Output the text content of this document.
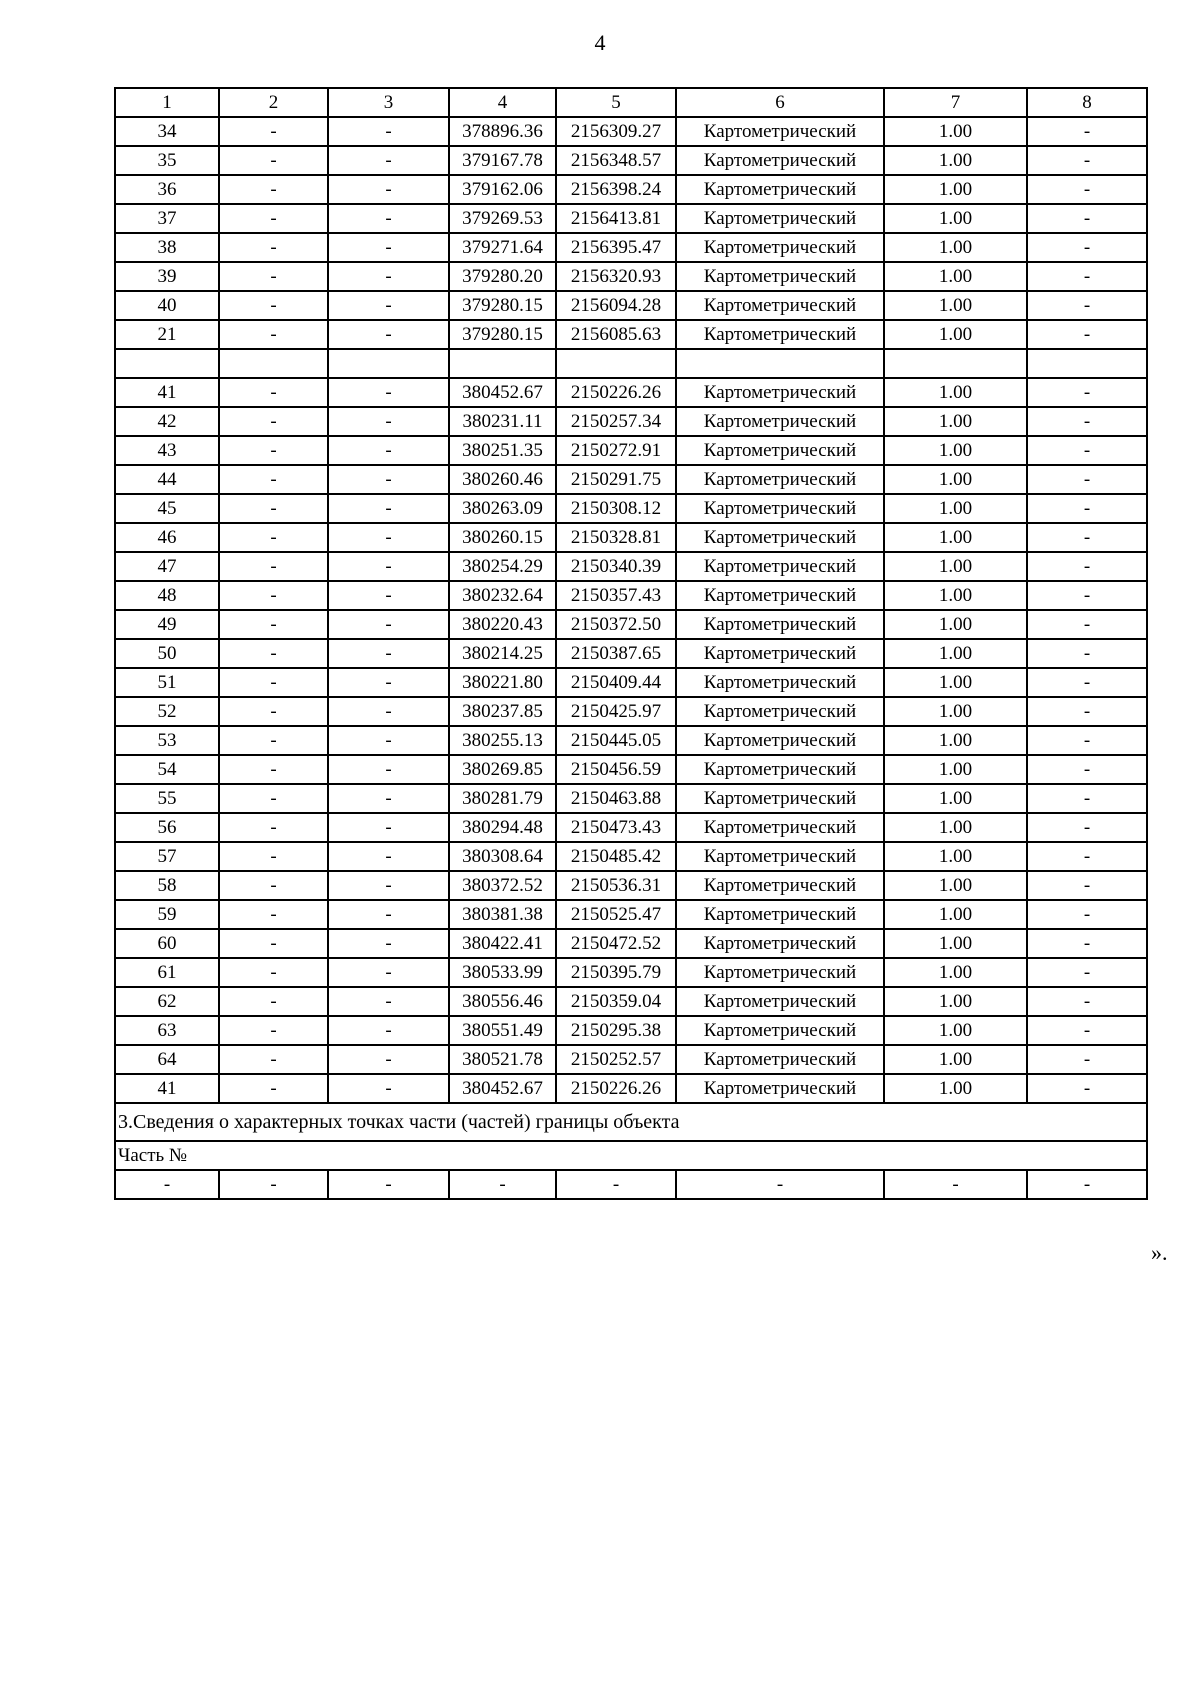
4
1	2	3	4	5	6	7	8
34	-	-	378896.36	2156309.27	Картометрический	1.00	-
35	-	-	379167.78	2156348.57	Картометрический	1.00	-
36	-	-	379162.06	2156398.24	Картометрический	1.00	-
37	-	-	379269.53	2156413.81	Картометрический	1.00	-
38	-	-	379271.64	2156395.47	Картометрический	1.00	-
39	-	-	379280.20	2156320.93	Картометрический	1.00	-
40	-	-	379280.15	2156094.28	Картометрический	1.00	-
21	-	-	379280.15	2156085.63	Картометрический	1.00	-

41	-	-	380452.67	2150226.26	Картометрический	1.00	-
42	-	-	380231.11	2150257.34	Картометрический	1.00	-
43	-	-	380251.35	2150272.91	Картометрический	1.00	-
44	-	-	380260.46	2150291.75	Картометрический	1.00	-
45	-	-	380263.09	2150308.12	Картометрический	1.00	-
46	-	-	380260.15	2150328.81	Картометрический	1.00	-
47	-	-	380254.29	2150340.39	Картометрический	1.00	-
48	-	-	380232.64	2150357.43	Картометрический	1.00	-
49	-	-	380220.43	2150372.50	Картометрический	1.00	-
50	-	-	380214.25	2150387.65	Картометрический	1.00	-
51	-	-	380221.80	2150409.44	Картометрический	1.00	-
52	-	-	380237.85	2150425.97	Картометрический	1.00	-
53	-	-	380255.13	2150445.05	Картометрический	1.00	-
54	-	-	380269.85	2150456.59	Картометрический	1.00	-
55	-	-	380281.79	2150463.88	Картометрический	1.00	-
56	-	-	380294.48	2150473.43	Картометрический	1.00	-
57	-	-	380308.64	2150485.42	Картометрический	1.00	-
58	-	-	380372.52	2150536.31	Картометрический	1.00	-
59	-	-	380381.38	2150525.47	Картометрический	1.00	-
60	-	-	380422.41	2150472.52	Картометрический	1.00	-
61	-	-	380533.99	2150395.79	Картометрический	1.00	-
62	-	-	380556.46	2150359.04	Картометрический	1.00	-
63	-	-	380551.49	2150295.38	Картометрический	1.00	-
64	-	-	380521.78	2150252.57	Картометрический	1.00	-
41	-	-	380452.67	2150226.26	Картометрический	1.00	-
3.Сведения о характерных точках части (частей) границы объекта							
Часть №							
-	-	-	-	-	-	-	-
».
